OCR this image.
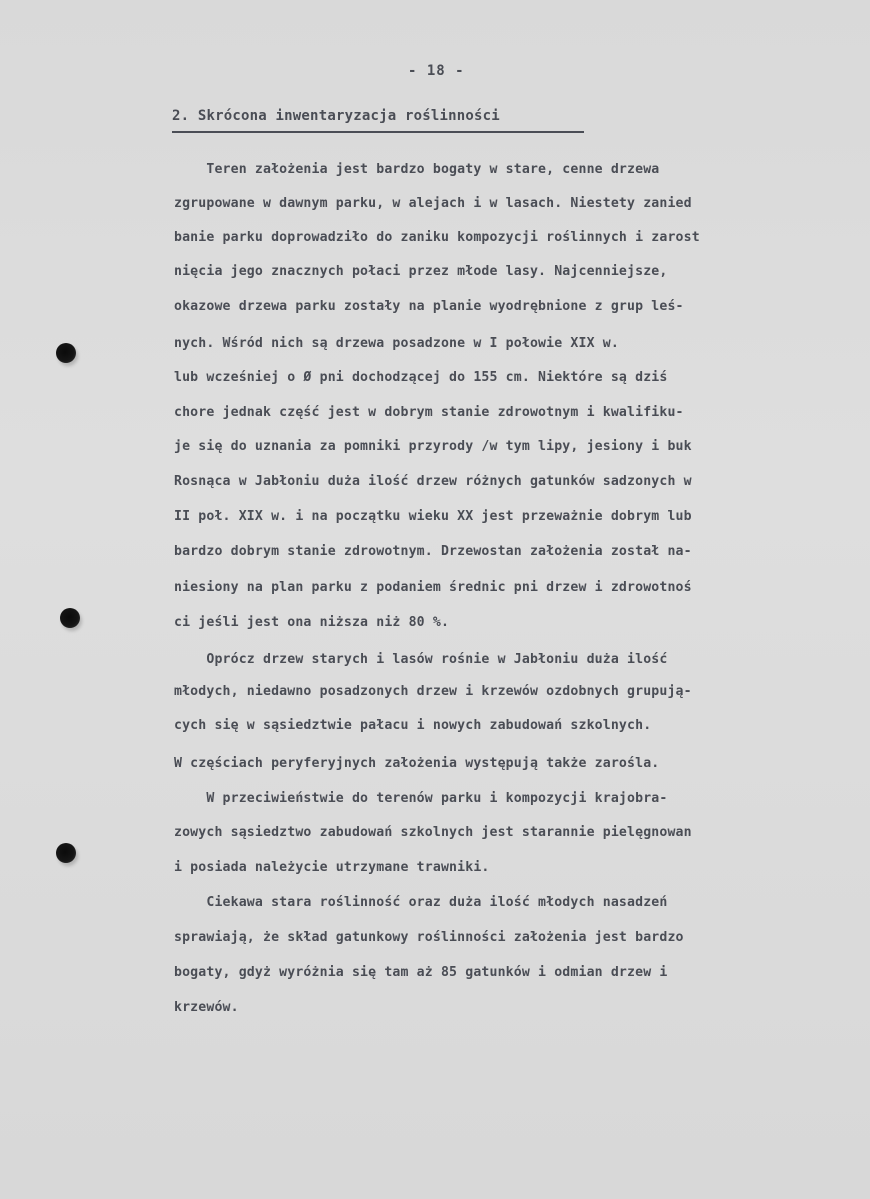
- 18 -
2. Skrócona inwentaryzacja roślinności
Teren założenia jest bardzo bogaty w stare, cenne drzewa
zgrupowane w dawnym parku, w alejach i w lasach. Niestety zanied
banie parku doprowadziło do zaniku kompozycji roślinnych i zarost
nięcia jego znacznych połaci przez młode lasy. Najcenniejsze,
okazowe drzewa parku zostały na planie wyodrębnione z grup leś-
nych. Wśród nich są drzewa posadzone w I połowie XIX w.
lub wcześniej o Ø pni dochodzącej do 155 cm. Niektóre są dziś
chore jednak część jest w dobrym stanie zdrowotnym i kwalifiku-
je się do uznania za pomniki przyrody /w tym lipy, jesiony i buk
Rosnąca w Jabłoniu duża ilość drzew różnych gatunków sadzonych w
II poł. XIX w. i na początku wieku XX jest przeważnie dobrym lub
bardzo dobrym stanie zdrowotnym. Drzewostan założenia został na-
niesiony na plan parku z podaniem średnic pni drzew i zdrowotnoś
ci jeśli jest ona niższa niż 80 %.
Oprócz drzew starych i lasów rośnie w Jabłoniu duża ilość
młodych, niedawno posadzonych drzew i krzewów ozdobnych grupują-
cych się w sąsiedztwie pałacu i nowych zabudowań szkolnych.
W częściach peryferyjnych założenia występują także zarośla.
W przeciwieństwie do terenów parku i kompozycji krajobra-
zowych sąsiedztwo zabudowań szkolnych jest starannie pielęgnowan
i posiada należycie utrzymane trawniki.
Ciekawa stara roślinność oraz duża ilość młodych nasadzeń
sprawiają, że skład gatunkowy roślinności założenia jest bardzo
bogaty, gdyż wyróżnia się tam aż 85 gatunków i odmian drzew i
krzewów.
